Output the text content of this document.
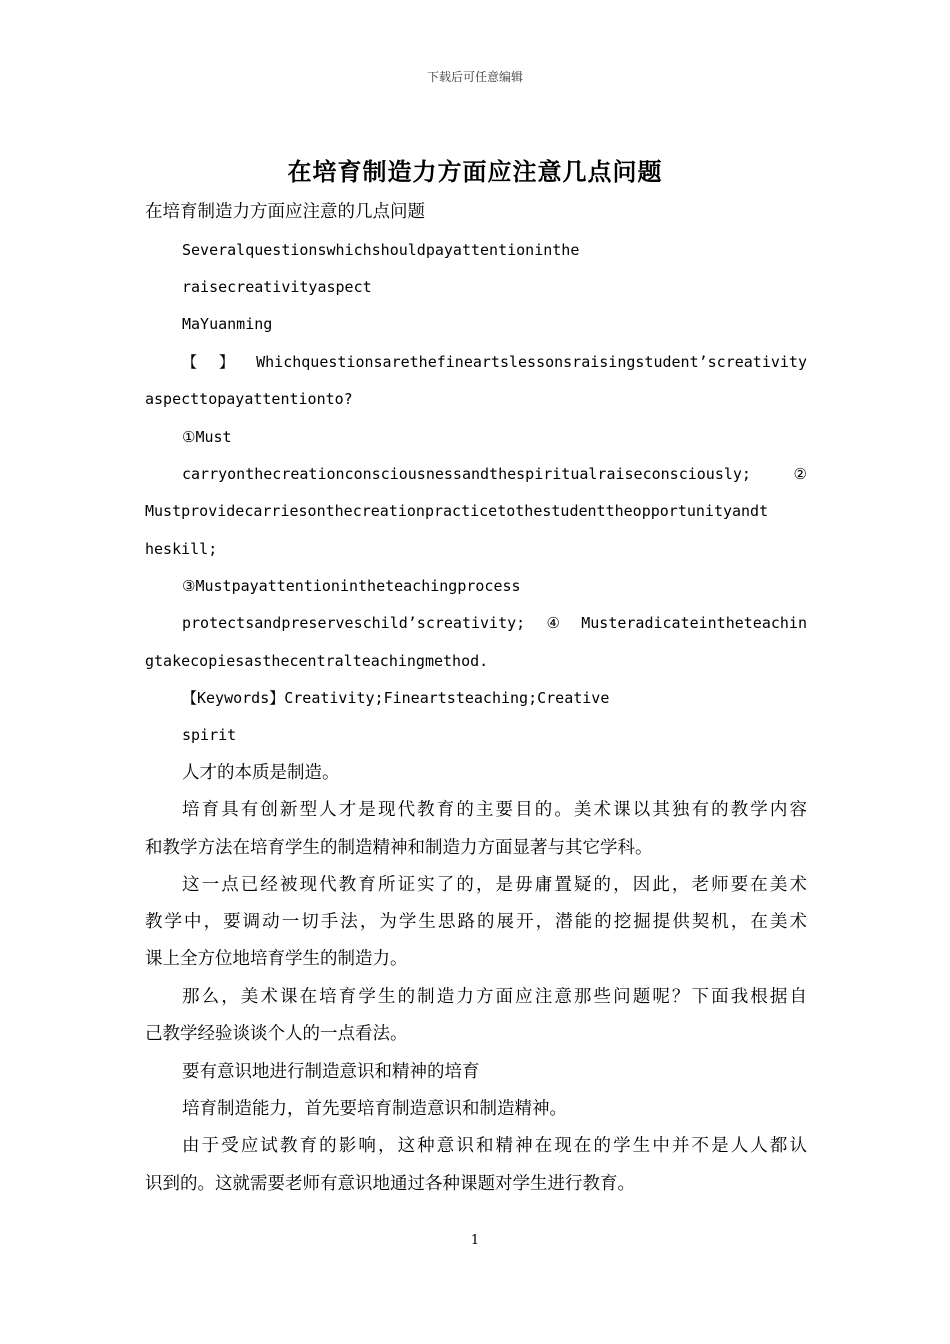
下载后可任意编辑
在培育制造力方面应注意几点问题
在培育制造力方面应注意的几点问题
Severalquestionswhichshouldpayattentioninthe
raisecreativityaspect
MaYuanming
【】Whichquestionsarethefineartslessonsraisingstudent’screativity
aspecttopayattentionto?
①Must
carryonthecreationconsciousnessandthespiritualraiseconsciously;②
Mustprovidecarriesonthecreationpracticetothestudenttheopportunityandt
heskill;
③Mustpayattentionintheteachingprocess
protectsandpreserveschild’screativity;④Musteradicateintheteachin
gtakecopiesasthecentralteachingmethod.
【Keywords】Creativity;Fineartsteaching;Creative
spirit
人才的本质是制造。
培育具有创新型人才是现代教育的主要目的。美术课以其独有的教学内容
和教学方法在培育学生的制造精神和制造力方面显著与其它学科。
这一点已经被现代教育所证实了的，是毋庸置疑的，因此，老师要在美术
教学中，要调动一切手法，为学生思路的展开，潜能的挖掘提供契机，在美术
课上全方位地培育学生的制造力。
那么，美术课在培育学生的制造力方面应注意那些问题呢？下面我根据自
己教学经验谈谈个人的一点看法。
要有意识地进行制造意识和精神的培育
培育制造能力，首先要培育制造意识和制造精神。
由于受应试教育的影响，这种意识和精神在现在的学生中并不是人人都认
识到的。这就需要老师有意识地通过各种课题对学生进行教育。
1
